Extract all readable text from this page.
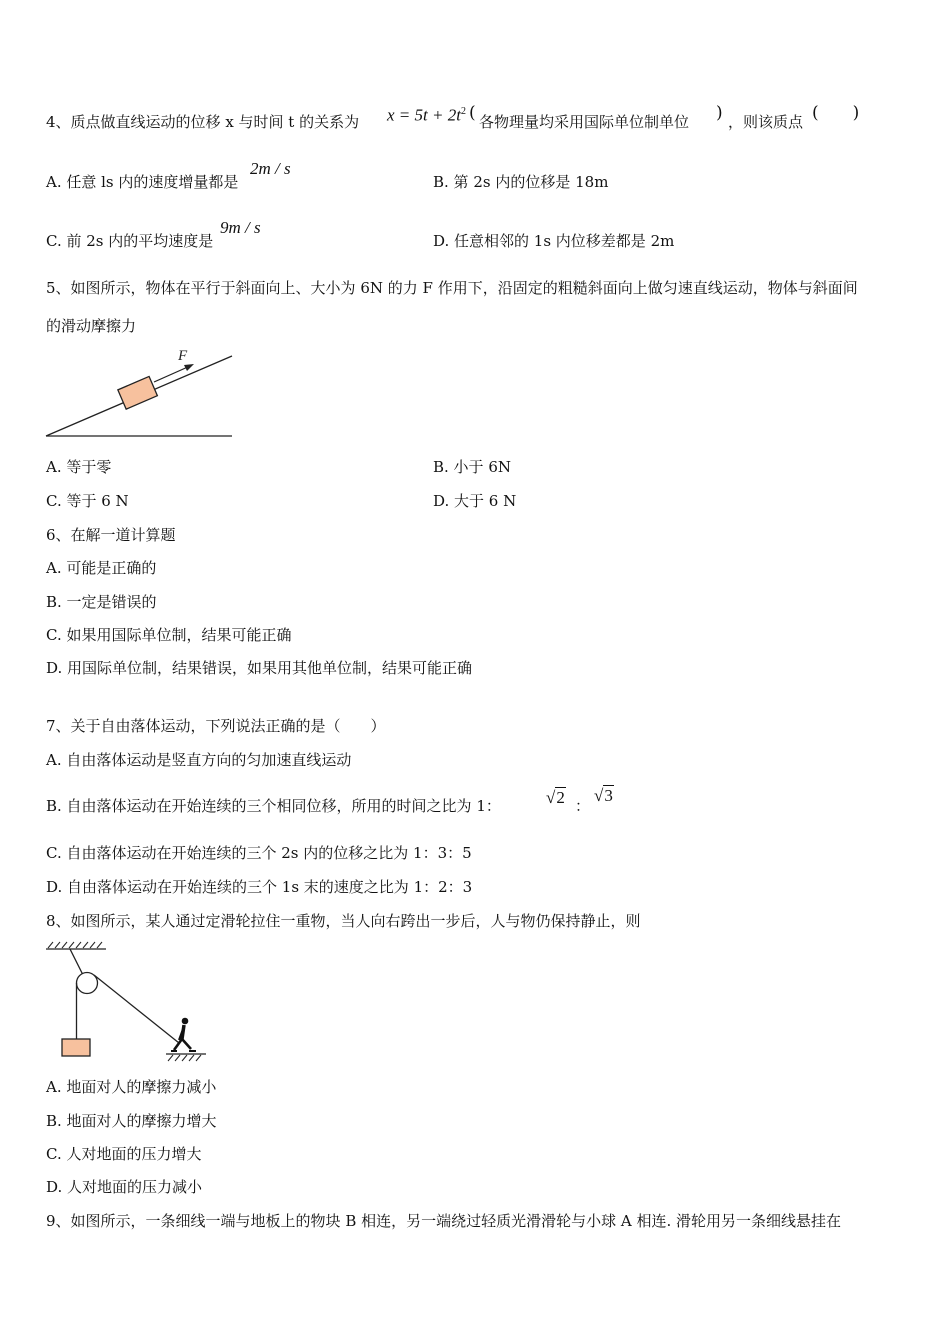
4、质点做直线运动的位移 x 与时间 t 的关系为 $x = 5t + 2t^2$ ( 各物理量均采用国际单位制单位 ) ，则该质点 (　　)
A. 任意 ls 内的速度增量都是
2m / s
B. 第 2s 内的位移是 18m
C. 前 2s 内的平均速度是
9m / s
D. 任意相邻的 1s 内位移差都是 2m
5、如图所示，物体在平行于斜面向上、大小为 6N 的力 F 作用下，沿固定的粗糙斜面向上做匀速直线运动，物体与斜面间
的滑动摩擦力
F
A. 等于零	B. 小于 6N
C. 等于 6 N	D. 大于 6 N
6、在解一道计算题
A. 可能是正确的
B. 一定是错误的
C. 如果用国际单位制，结果可能正确
D. 用国际单位制，结果错误，如果用其他单位制，结果可能正确
7、关于自由落体运动，下列说法正确的是（　　）
A. 自由落体运动是竖直方向的匀加速直线运动
B. 自由落体运动在开始连续的三个相同位移，所用的时间之比为 1：	√2 ：
√3
C. 自由落体运动在开始连续的三个 2s 内的位移之比为 1：3：5
D. 自由落体运动在开始连续的三个 1s 末的速度之比为 1：2：3
8、如图所示，某人通过定滑轮拉住一重物，当人向右跨出一步后，人与物仍保持静止，则
A. 地面对人的摩擦力减小
B. 地面对人的摩擦力增大
C. 人对地面的压力增大
D. 人对地面的压力减小
9、如图所示，一条细线一端与地板上的物块 B 相连，另一端绕过轻质光滑滑轮与小球 A 相连. 滑轮用另一条细线悬挂在
